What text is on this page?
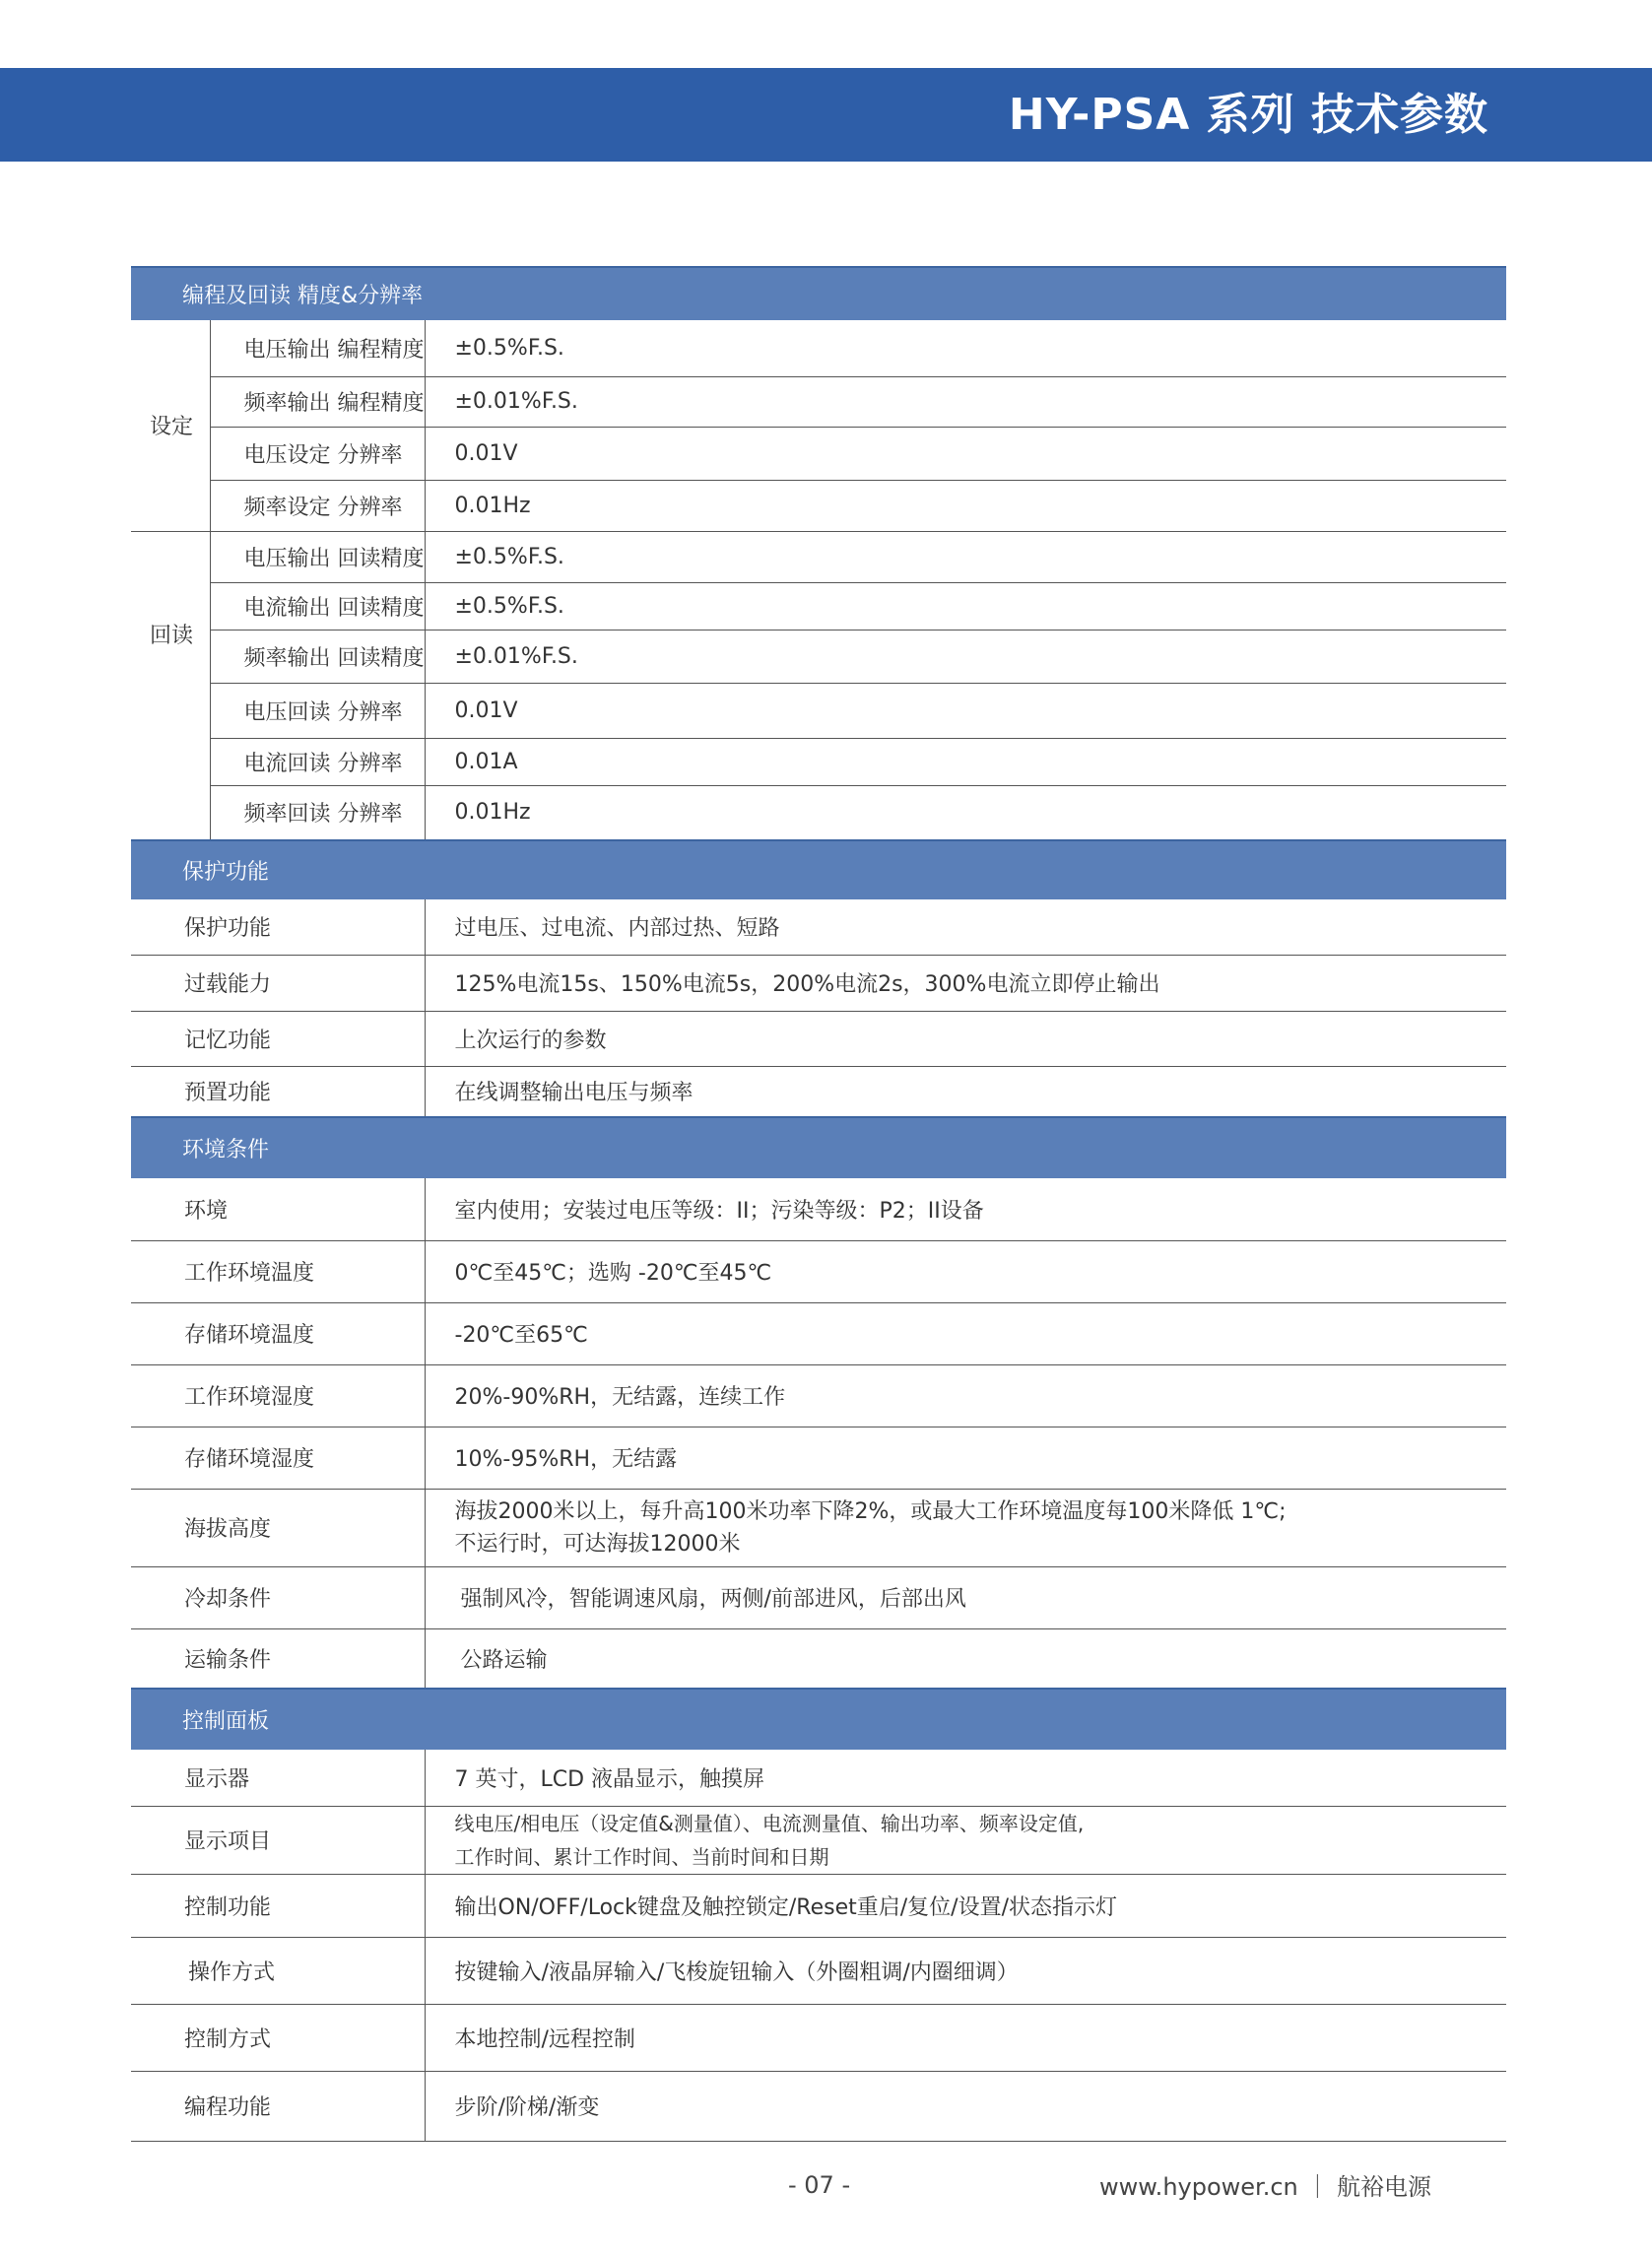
HY-PSA 系列 技术参数
编程及回读 精度&分辨率		
设定	电压输出 编程精度	±0.5%F.S.
	频率输出 编程精度	±0.01%F.S.
	电压设定 分辨率	0.01V
	频率设定 分辨率	0.01Hz
回读	电压输出 回读精度	±0.5%F.S.
	电流输出 回读精度	±0.5%F.S.
	频率输出 回读精度	±0.01%F.S.
	电压回读 分辨率	0.01V
	电流回读 分辨率	0.01A
	频率回读 分辨率	0.01Hz
保护功能		
保护功能		过电压、过电流、内部过热、短路
过载能力		125%电流15s、150%电流5s，200%电流2s，300%电流立即停止输出
记忆功能		上次运行的参数
预置功能		在线调整输出电压与频率
环境条件		
环境		室内使用；安装过电压等级：II；污染等级：P2；II设备
工作环境温度		0℃至45℃；选购 -20℃至45℃
存储环境温度		-20℃至65℃
工作环境湿度		20%-90%RH，无结露，连续工作
存储环境湿度		10%-95%RH，无结露
海拔高度		海拔2000米以上，每升高100米功率下降2%，或最大工作环境温度每100米降低 1℃;
不运行时，可达海拔12000米

冷却条件		强制风冷，智能调速风扇，两侧/前部进风，后部出风
运输条件		公路运输
控制面板		
显示器		7 英寸，LCD 液晶显示，触摸屏
显示项目		线电压/相电压（设定值&测量值）、电流测量值、输出功率、频率设定值,
工作时间、累计工作时间、当前时间和日期

控制功能		输出ON/OFF/Lock键盘及触控锁定/Reset重启/复位/设置/状态指示灯
操作方式		按键输入/液晶屏输入/飞梭旋钮输入（外圈粗调/内圈细调）
控制方式		本地控制/远程控制
编程功能		步阶/阶梯/渐变
- 07 -	www.hypower.cn ｜ 航裕电源
